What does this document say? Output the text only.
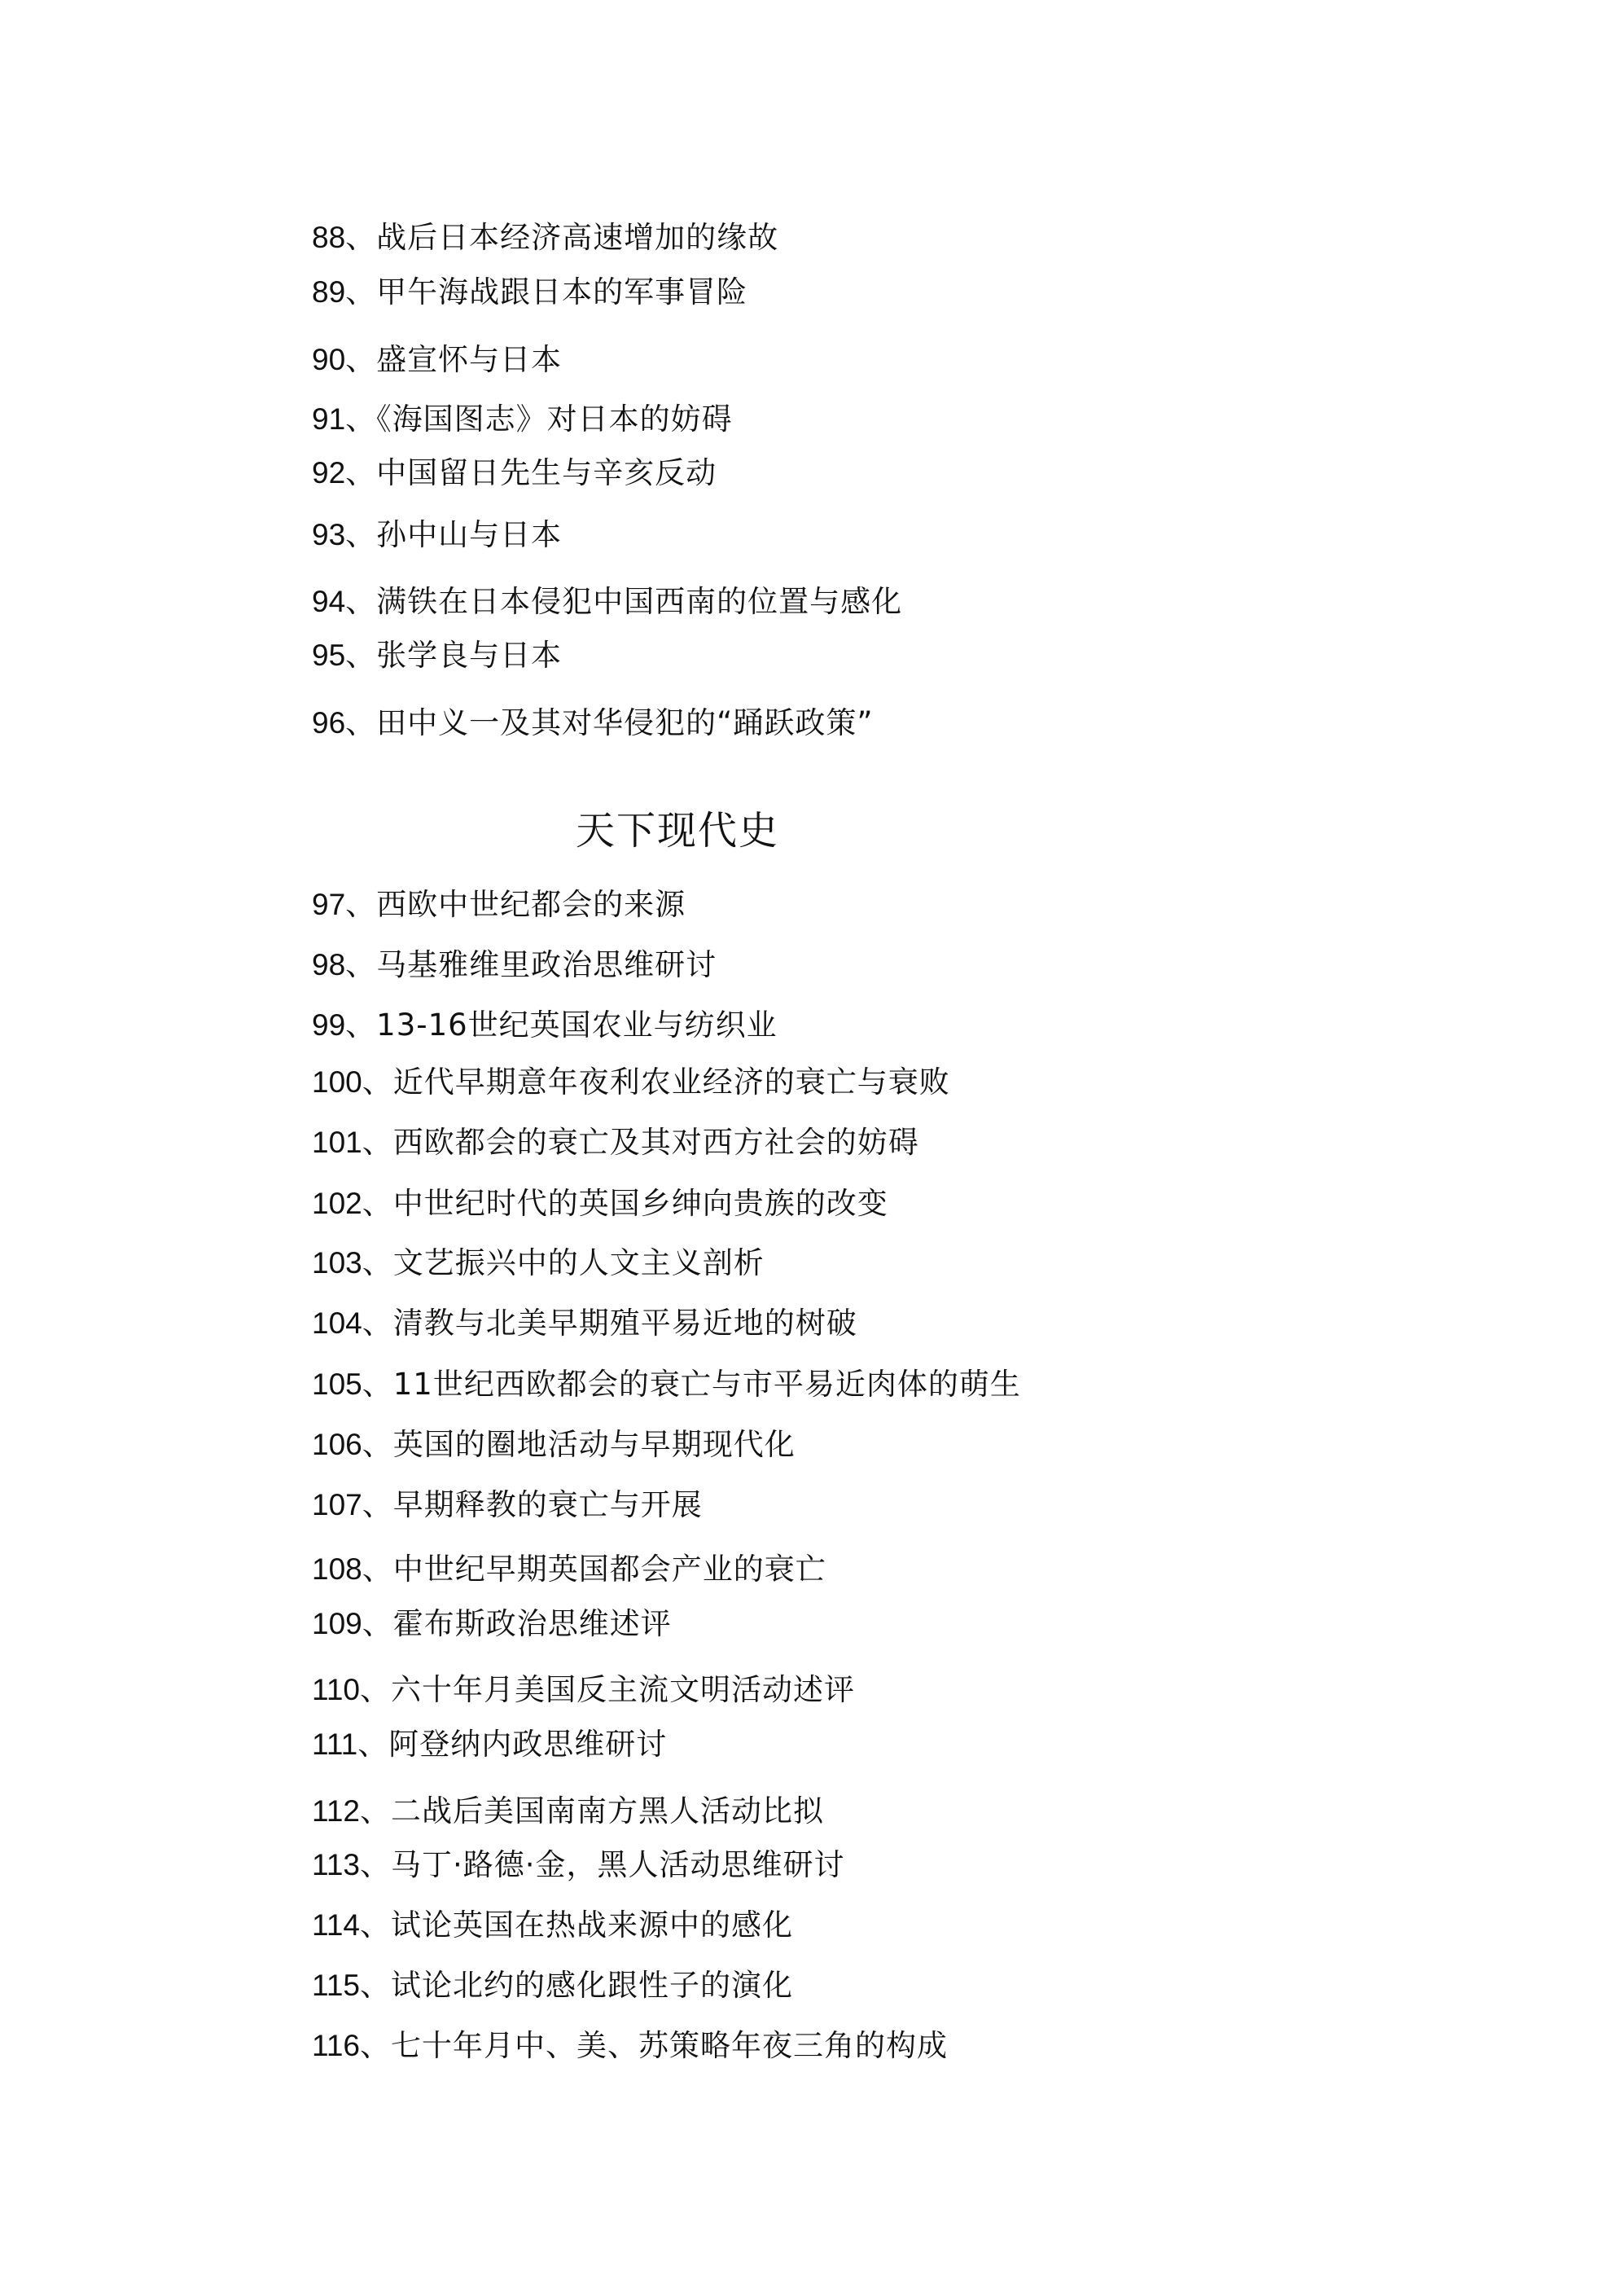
88、战后日本经济高速增加的缘故
89、甲午海战跟日本的军事冒险
90、盛宣怀与日本
91、《海国图志》对日本的妨碍
92、中国留日先生与辛亥反动
93、孙中山与日本
94、满铁在日本侵犯中国西南的位置与感化
95、张学良与日本
96、田中义一及其对华侵犯的“踊跃政策”
天下现代史
97、西欧中世纪都会的来源
98、马基雅维里政治思维研讨
99、13-16世纪英国农业与纺织业
100、近代早期意年夜利农业经济的衰亡与衰败
101、西欧都会的衰亡及其对西方社会的妨碍
102、中世纪时代的英国乡绅向贵族的改变
103、文艺振兴中的人文主义剖析
104、清教与北美早期殖平易近地的树破
105、11世纪西欧都会的衰亡与市平易近肉体的萌生
106、英国的圈地活动与早期现代化
107、早期释教的衰亡与开展
108、中世纪早期英国都会产业的衰亡
109、霍布斯政治思维述评
110、六十年月美国反主流文明活动述评
111、阿登纳内政思维研讨
112、二战后美国南南方黑人活动比拟
113、马丁·路德·金，黑人活动思维研讨
114、试论英国在热战来源中的感化
115、试论北约的感化跟性子的演化
116、七十年月中、美、苏策略年夜三角的构成
